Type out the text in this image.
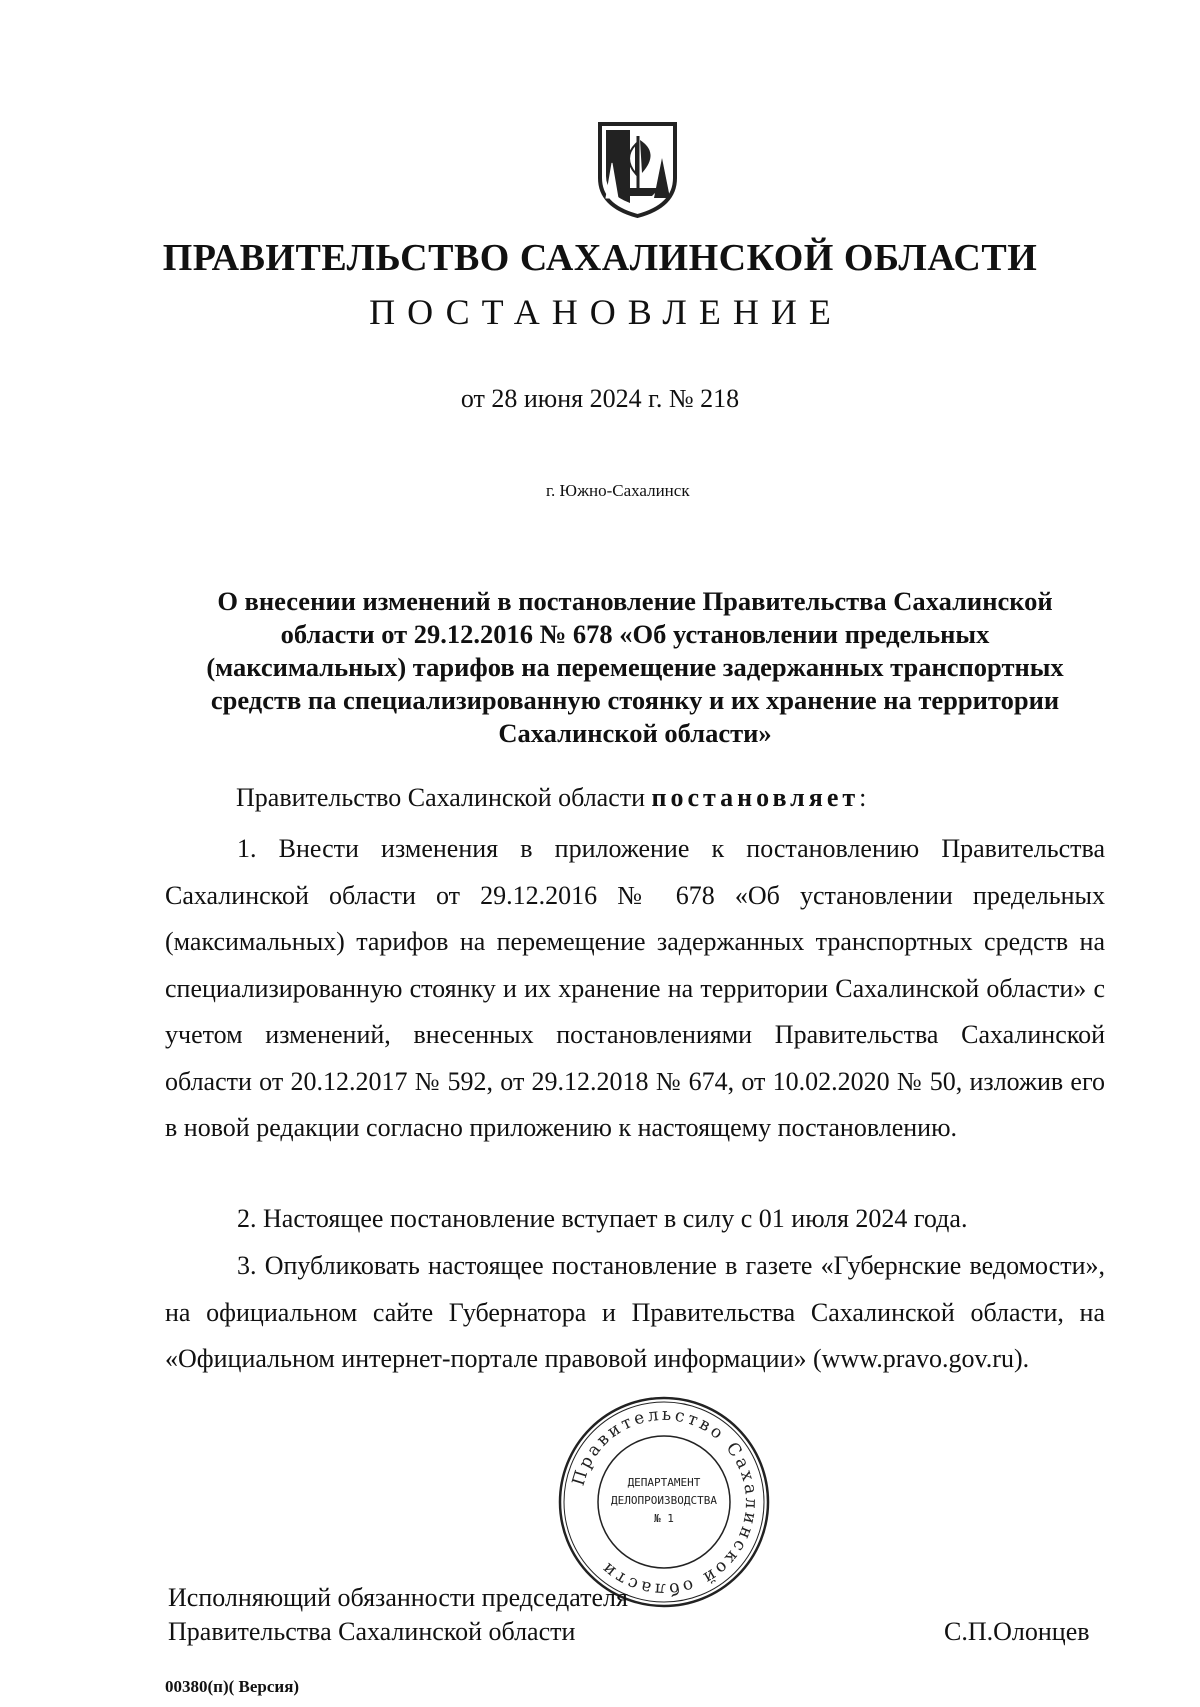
ПРАВИТЕЛЬСТВО САХАЛИНСКОЙ ОБЛАСТИ
ПОСТАНОВЛЕНИЕ
от 28 июня 2024 г. № 218
г. Южно-Сахалинск
О внесении изменений в постановление Правительства Сахалинской
области от 29.12.2016 № 678 «Об установлении предельных
(максимальных) тарифов на перемещение задержанных транспортных
средств па специализированную стоянку и их хранение на территории
Сахалинской области»
Правительство Сахалинской области постановляет:

1. Внести изменения в приложение к постановлению Правительства Сахалинской области от 29.12.2016 № 678 «Об установлении предельных (максимальных) тарифов на перемещение задержанных транспортных средств на специализированную стоянку и их хранение на территории Сахалинской области» с учетом изменений, внесенных постановлениями Правительства Сахалинской области от 20.12.2017 № 592, от 29.12.2018 № 674, от 10.02.2020 № 50, изложив его в новой редакции согласно приложению к настоящему постановлению.

2. Настоящее постановление вступает в силу с 01 июля 2024 года.

3. Опубликовать настоящее постановление в газете «Губернские ведомости», на официальном сайте Губернатора и Правительства Сахалинской области, на «Официальном интернет-портале правовой информации» (www.pravo.gov.ru).

Правительство Сахалинской области
ДЕПАРТАМЕНТ
ДЕЛОПРОИЗВОДСТВА
№ 1
Исполняющий обязанности председателя
Правительства Сахалинской области	С.П.Олонцев
00380(п)( Версия)
